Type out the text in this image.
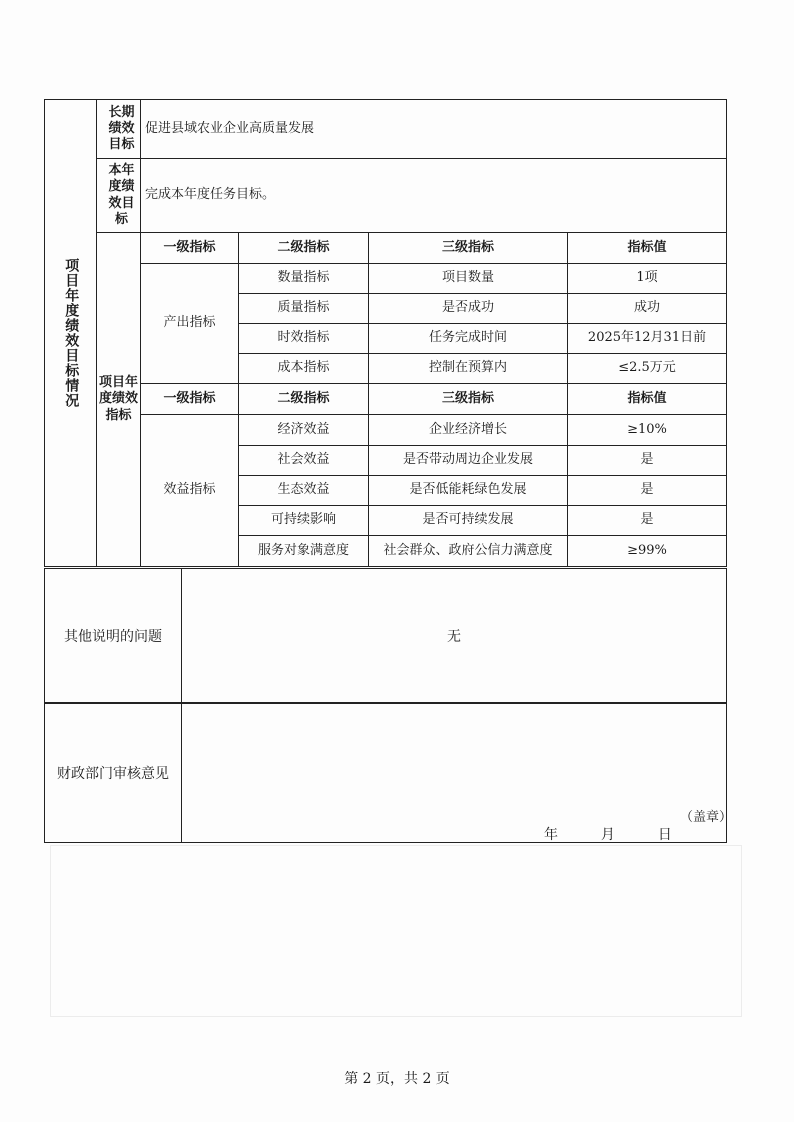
项目年度绩效目标情况	长期
绩效
目标	促进县域农业企业高质量发展			

	本年
度绩
效目
标	完成本年度任务目标。			

	项目年度绩效指标	一级指标	二级指标	三级指标	指标值
		产出指标	数量指标	项目数量	1项
			质量指标	是否成功	成功
			时效指标	任务完成时间	2025年12月31日前
			成本指标	控制在预算内	≤2.5万元
		一级指标	二级指标	三级指标	指标值
		效益指标	经济效益	企业经济增长	≥10%
			社会效益	是否带动周边企业发展	是
			生态效益	是否低能耗绿色发展	是
			可持续影响	是否可持续发展	是
			服务对象满意度	社会群众、政府公信力满意度	≥99%
其他说明的问题	无
财政部门审核意见	
（盖章）
年	月	日
第 2 页，共 2 页
